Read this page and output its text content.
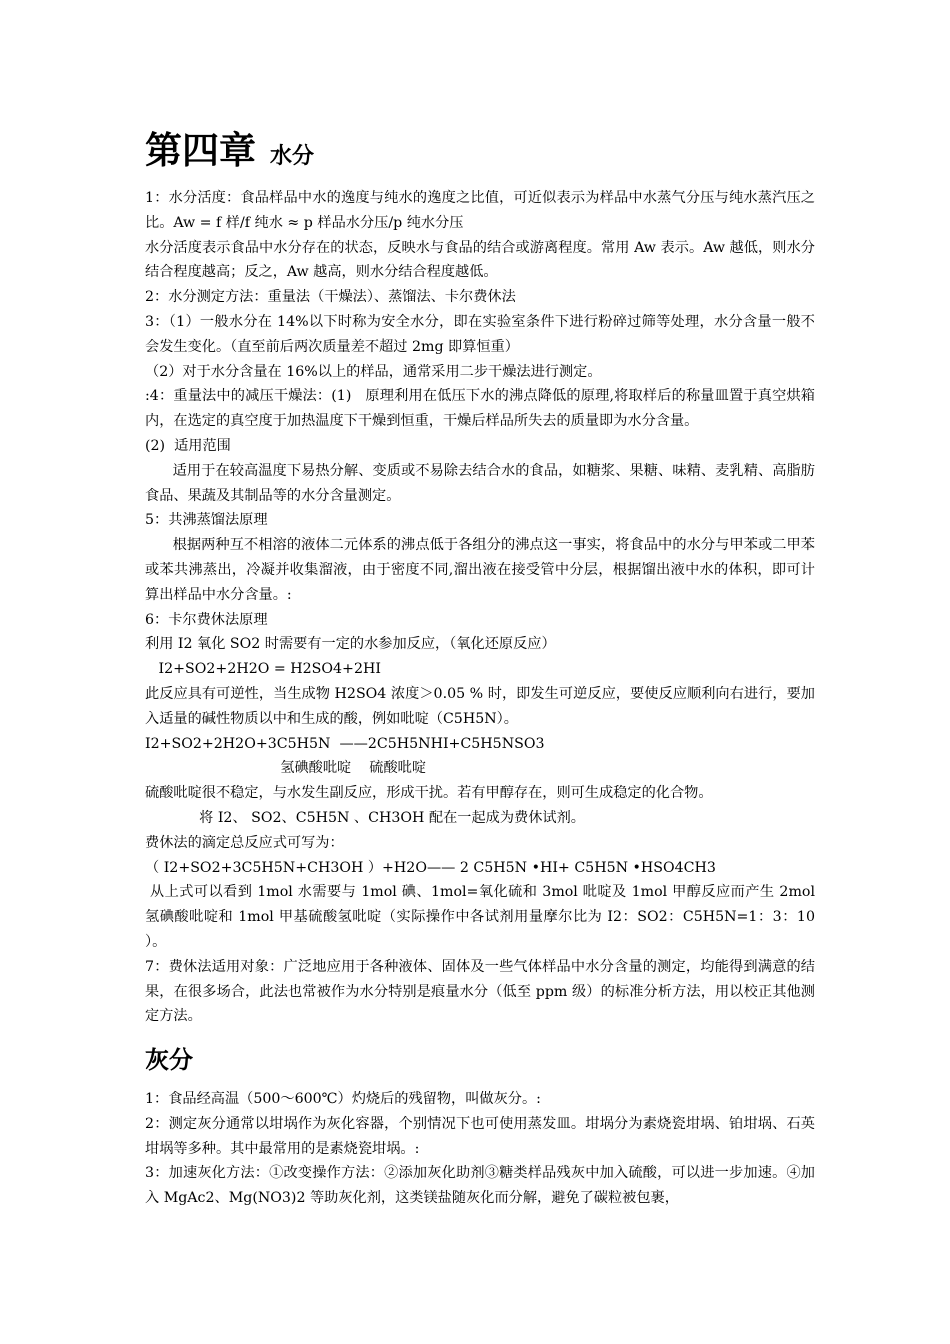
第四章 水分

1：水分活度：食品样品中水的逸度与纯水的逸度之比值，可近似表示为样品中水蒸气分压与纯水蒸汽压之比。Aw = f 样/f 纯水 ≈ p 样品水分压/p 纯水分压

水分活度表示食品中水分存在的状态，反映水与食品的结合或游离程度。常用 Aw 表示。Aw 越低，则水分结合程度越高；反之，Aw 越高，则水分结合程度越低。

2：水分测定方法：重量法（干燥法）、蒸馏法、卡尔费休法

3：（1）一般水分在 14%以下时称为安全水分，即在实验室条件下进行粉碎过筛等处理，水分含量一般不会发生变化。（直至前后两次质量差不超过 2mg 即算恒重）

（2）对于水分含量在 16%以上的样品，通常采用二步干燥法进行测定。

:4：重量法中的减压干燥法：(1)   原理利用在低压下水的沸点降低的原理,将取样后的称量皿置于真空烘箱内，在选定的真空度于加热温度下干燥到恒重，干燥后样品所失去的质量即为水分含量。

(2)  适用范围

适用于在较高温度下易热分解、变质或不易除去结合水的食品，如糖浆、果糖、味精、麦乳精、高脂肪食品、果蔬及其制品等的水分含量测定。

5：共沸蒸馏法原理

根据两种互不相溶的液体二元体系的沸点低于各组分的沸点这一事实，将食品中的水分与甲苯或二甲苯或苯共沸蒸出，冷凝并收集溜液，由于密度不同,溜出液在接受管中分层，根据馏出液中水的体积，即可计算出样品中水分含量。:

6：卡尔费休法原理

利用 I2 氧化 SO2 时需要有一定的水参加反应，（氧化还原反应）

I2+SO2+2H2O = H2SO4+2HI

此反应具有可逆性，当生成物 H2SO4 浓度＞0.05 % 时，即发生可逆反应，要使反应顺利向右进行，要加入适量的碱性物质以中和生成的酸，例如吡啶（C5H5N）。

I2+SO2+2H2O+3C5H5N  ——2C5H5NHI+C5H5NSO3

氢碘酸吡啶    硫酸吡啶

硫酸吡啶很不稳定，与水发生副反应，形成干扰。若有甲醇存在，则可生成稳定的化合物。

将 I2、 SO2、C5H5N 、CH3OH 配在一起成为费休试剂。

费休法的滴定总反应式可写为：

（ I2+SO2+3C5H5N+CH3OH ）+H2O—— 2 C5H5N •HI+ C5H5N •HSO4CH3

从上式可以看到 1mol 水需要与 1mol 碘、1mol=氧化硫和 3mol 吡啶及 1mol 甲醇反应而产生 2mol 氢碘酸吡啶和 1mol 甲基硫酸氢吡啶（实际操作中各试剂用量摩尔比为 I2：SO2：C5H5N=1：3：10 ）。

7：费休法适用对象：广泛地应用于各种液体、固体及一些气体样品中水分含量的测定，均能得到满意的结果，在很多场合，此法也常被作为水分特别是痕量水分（低至 ppm 级）的标准分析方法，用以校正其他测定方法。

灰分

1：食品经高温（500～600℃）灼烧后的残留物，叫做灰分。:

2：测定灰分通常以坩埚作为灰化容器，个别情况下也可使用蒸发皿。坩埚分为素烧瓷坩埚、铂坩埚、石英坩埚等多种。其中最常用的是素烧瓷坩埚。:

3：加速灰化方法：①改变操作方法：②添加灰化助剂③糖类样品残灰中加入硫酸，可以进一步加速。④加入 MgAc2、Mg(NO3)2 等助灰化剂，这类镁盐随灰化而分解，避免了碳粒被包裹，
